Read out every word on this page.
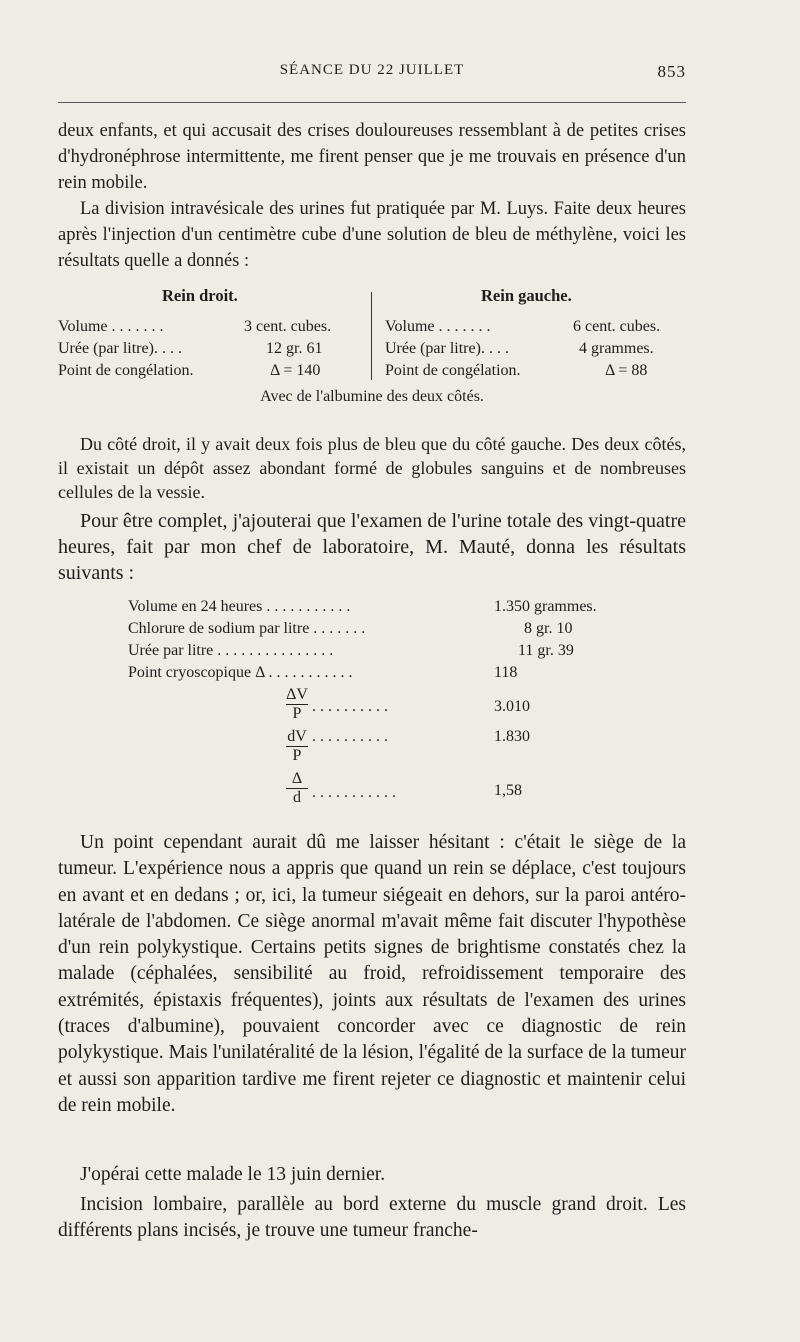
SÉANCE DU 22 JUILLET	853

deux enfants, et qui accusait des crises douloureuses ressemblant à de petites crises d'hydronéphrose intermittente, me firent penser que je me trouvais en présence d'un rein mobile.
La division intravésicale des urines fut pratiquée par M. Luys. Faite deux heures après l'injection d'un centimètre cube d'une solution de bleu de méthylène, voici les résultats quelle a donnés :

Rein droit.	Rein gauche.
Volume . . . . . . .	3 cent. cubes.
Urée (par litre). . . .	12 gr. 61
Point de congélation.	Δ = 140
Volume . . . . . . .	6 cent. cubes.
Urée (par litre). . . .	4 grammes.
Point de congélation.	Δ = 88
Avec de l'albumine des deux côtés.

Du côté droit, il y avait deux fois plus de bleu que du côté gauche. Des deux côtés, il existait un dépôt assez abondant formé de globules sanguins et de nombreuses cellules de la vessie.

Pour être complet, j'ajouterai que l'examen de l'urine totale des vingt-quatre heures, fait par mon chef de laboratoire, M. Mauté, donna les résultats suivants :

Volume en 24 heures . . . . . . . . . . .	1.350 grammes.
Chlorure de sodium par litre . . . . . . .	8 gr. 10
Urée par litre . . . . . . . . . . . . . . .	11 gr. 39
Point cryoscopique Δ . . . . . . . . . . .	118
$\frac{\Delta V}{P}$ . . . . . . . . . .	3.010
$\frac{dV}{P}$ . . . . . . . . . .	1.830
$\frac{\Delta}{d}$ . . . . . . . . . . .	1,58

Un point cependant aurait dû me laisser hésitant : c'était le siège de la tumeur. L'expérience nous a appris que quand un rein se déplace, c'est toujours en avant et en dedans ; or, ici, la tumeur siégeait en dehors, sur la paroi antéro-latérale de l'abdomen. Ce siège anormal m'avait même fait discuter l'hypothèse d'un rein polykystique. Certains petits signes de brightisme constatés chez la malade (céphalées, sensibilité au froid, refroidissement temporaire des extrémités, épistaxis fréquentes), joints aux résultats de l'examen des urines (traces d'albumine), pouvaient concorder avec ce diagnostic de rein polykystique. Mais l'unilatéralité de la lésion, l'égalité de la surface de la tumeur et aussi son apparition tardive me firent rejeter ce diagnostic et maintenir celui de rein mobile.

J'opérai cette malade le 13 juin dernier.

Incision lombaire, parallèle au bord externe du muscle grand droit. Les différents plans incisés, je trouve une tumeur franche-
